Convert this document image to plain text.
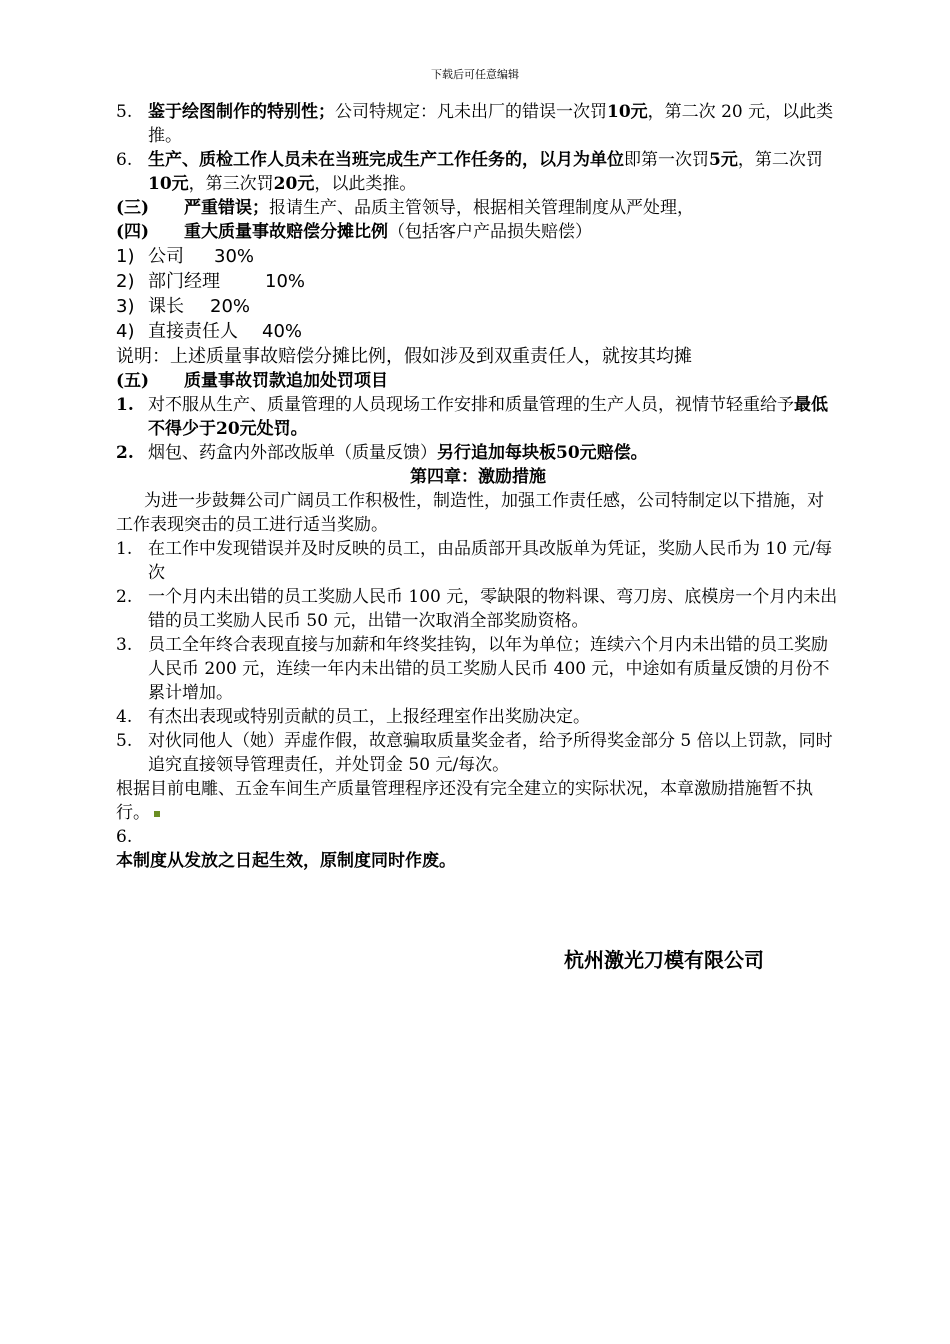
下载后可任意编辑
5. 鉴于绘图制作的特别性；公司特规定：凡未出厂的错误一次罚10元，第二次 20 元，以此类推。
6. 生产、质检工作人员未在当班完成生产工作任务的，以月为单位即第一次罚5元，第二次罚10元，第三次罚20元，以此类推。
(三) 严重错误；报请生产、品质主管领导，根据相关管理制度从严处理，
(四) 重大质量事故赔偿分摊比例（包括客户产品损失赔偿）
1) 公司 30%
2) 部门经理	10%
3) 课长 20%
4) 直接责任人 40%
说明：上述质量事故赔偿分摊比例，假如涉及到双重责任人，就按其均摊
(五) 质量事故罚款追加处罚项目
1. 对不服从生产、质量管理的人员现场工作安排和质量管理的生产人员，视情节轻重给予最低不得少于20元处罚。
2. 烟包、药盒内外部改版单（质量反馈）另行追加每块板50元赔偿。
第四章：激励措施
为进一步鼓舞公司广阔员工作积极性，制造性，加强工作责任感，公司特制定以下措施，对工作表现突击的员工进行适当奖励。
1. 在工作中发现错误并及时反映的员工，由品质部开具改版单为凭证，奖励人民币为 10 元/每次
2. 一个月内未出错的员工奖励人民币 100 元，零缺限的物料课、弯刀房、底模房一个月内未出错的员工奖励人民币 50 元，出错一次取消全部奖励资格。
3. 员工全年终合表现直接与加薪和年终奖挂钩，以年为单位；连续六个月内未出错的员工奖励人民币 200 元，连续一年内未出错的员工奖励人民币 400 元，中途如有质量反馈的月份不累计增加。
4. 有杰出表现或特别贡献的员工，上报经理室作出奖励决定。
5. 对伙同他人（她）弄虚作假，故意骗取质量奖金者，给予所得奖金部分 5 倍以上罚款，同时追究直接领导管理责任，并处罚金 50 元/每次。
根据目前电雕、五金车间生产质量管理程序还没有完全建立的实际状况，本章激励措施暂不执行。
6.
本制度从发放之日起生效，原制度同时作废。
杭州激光刀模有限公司
